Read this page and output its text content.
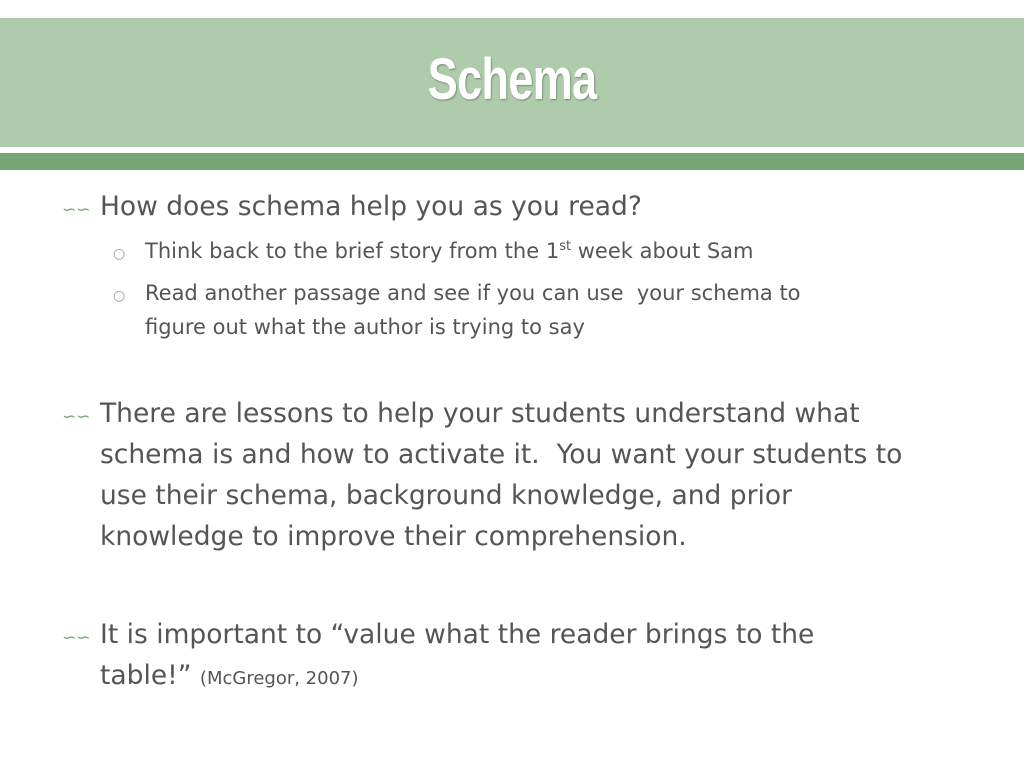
Schema
∽∽ How does schema help you as you read?
○ Think back to the brief story from the 1st week about Sam
○ Read another passage and see if you can use  your schema to
figure out what the author is trying to say
∽∽ There are lessons to help your students understand what
schema is and how to activate it.  You want your students to
use their schema, background knowledge, and prior
knowledge to improve their comprehension.
∽∽ It is important to “value what the reader brings to the
table!” (McGregor, 2007)
